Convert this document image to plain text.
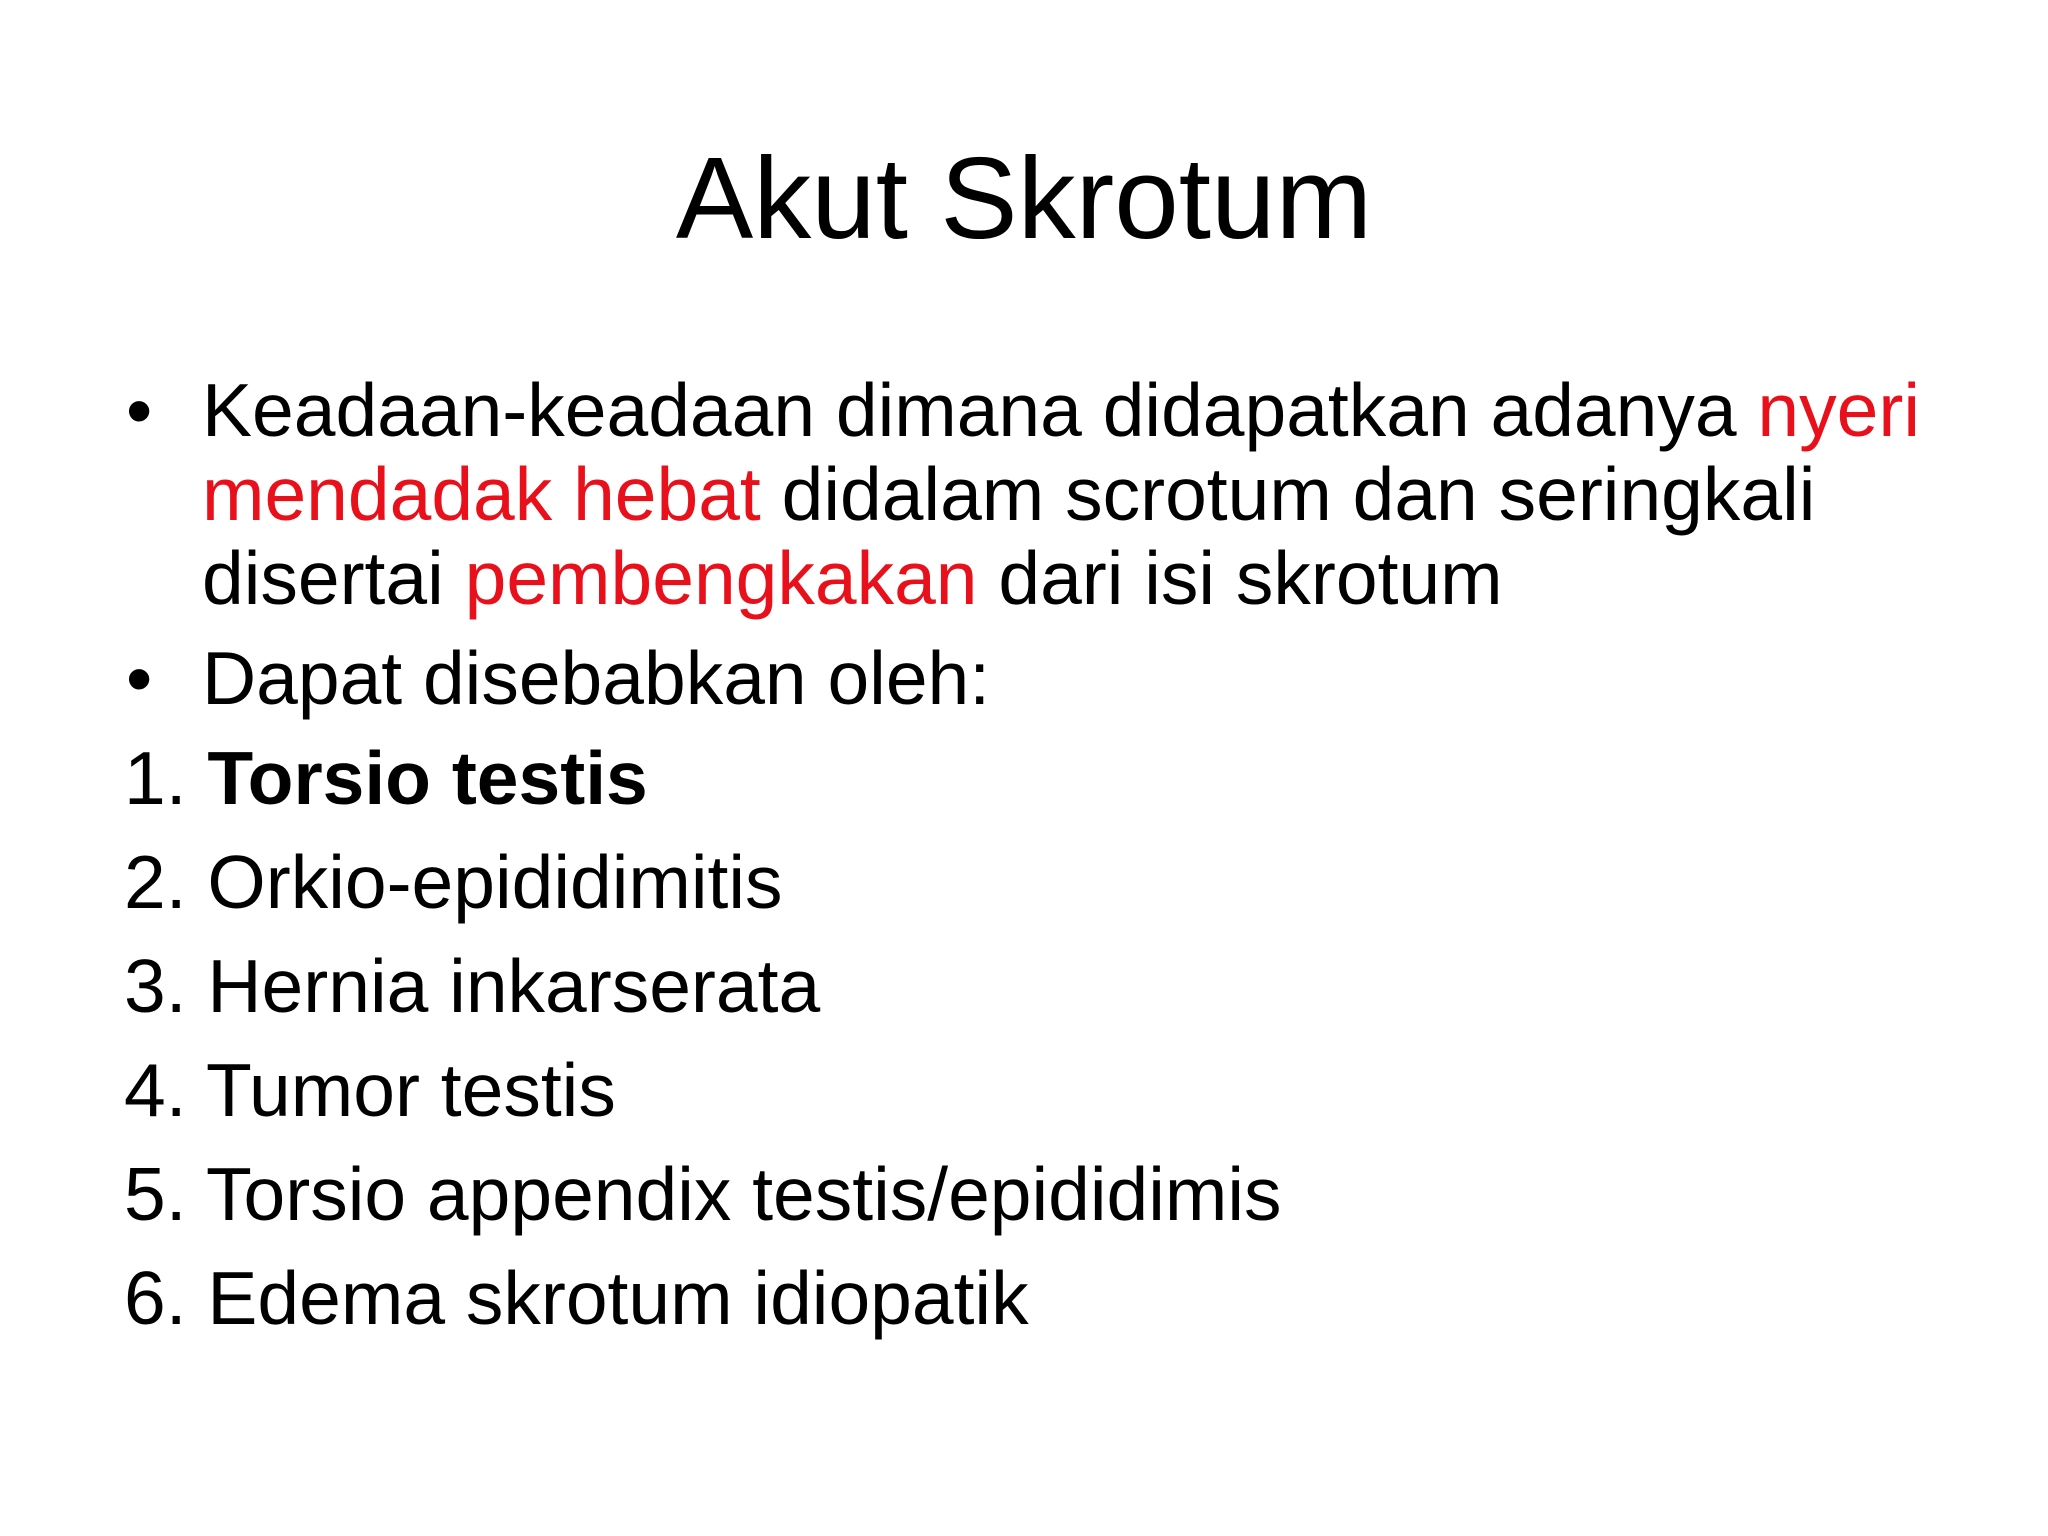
Akut Skrotum
• Keadaan-keadaan dimana didapatkan adanya nyeri mendadak hebat didalam scrotum dan seringkali disertai pembengkakan dari isi skrotum
• Dapat disebabkan oleh:
1. Torsio testis
2. Orkio-epididimitis
3. Hernia inkarserata
4. Tumor testis
5. Torsio appendix testis/epididimis
6. Edema skrotum idiopatik
